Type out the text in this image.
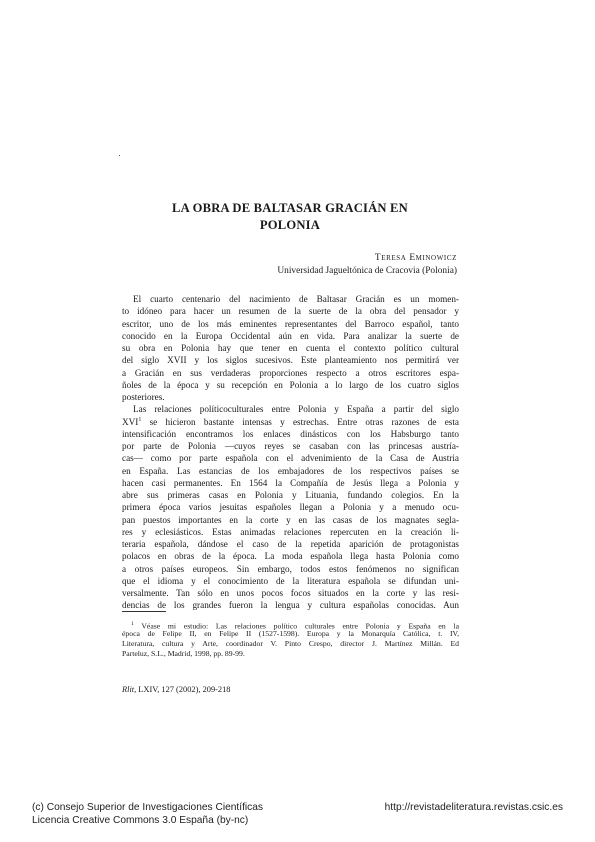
LA OBRA DE BALTASAR GRACIÁN EN
POLONIA
Teresa Eminowicz
Universidad Jagueltónica de Cracovia (Polonia)
El cuarto centenario del nacimiento de Baltasar Gracián es un momen-
to idóneo para hacer un resumen de la suerte de la obra del pensador y
escritor, uno de los más eminentes representantes del Barroco español, tanto
conocido en la Europa Occidental aún en vida. Para analizar la suerte de
su obra en Polonia hay que tener en cuenta el contexto político cultural
del siglo XVII y los siglos sucesivos. Este planteamiento nos permitirá ver
a Gracián en sus verdaderas proporciones respecto a otros escritores espa-
ñoles de la época y su recepción en Polonia a lo largo de los cuatro siglos
posteriores.
Las relaciones políticoculturales entre Polonia y España a partir del siglo
XVI$^1$ se hicieron bastante intensas y estrechas. Entre otras razones de esta
intensificación encontramos los enlaces dinásticos con los Habsburgo tanto
por parte de Polonia —cuyos reyes se casaban con las princesas austría-
cas— como por parte española con el advenimiento de la Casa de Austria
en España. Las estancias de los embajadores de los respectivos países se
hacen casi permanentes. En 1564 la Compañía de Jesús llega a Polonia y
abre sus primeras casas en Polonia y Lituania, fundando colegios. En la
primera época varios jesuitas españoles llegan a Polonia y a menudo ocu-
pan puestos importantes en la corte y en las casas de los magnates segla-
res y eclesiásticos. Estas animadas relaciones repercuten en la creación li-
teraria española, dándose el caso de la repetida aparición de protagonistas
polacos en obras de la época. La moda española llega hasta Polonia como
a otros países europeos. Sin embargo, todos estos fenómenos no significan
que el idioma y el conocimiento de la literatura española se difundan uni-
versalmente. Tan sólo en unos pocos focos situados en la corte y las resi-
dencias de los grandes fueron la lengua y cultura españolas conocidas. Aun
$^1$ Véase mi estudio: Las relaciones político culturales entre Polonia y España en la
época de Felipe II, en Felipe II (1527-1598). Europa y la Monarquía Católica, t. IV,
Literatura, cultura y Arte, coordinador V. Pinto Crespo, director J. Martínez Millán. Ed
Parteluz, S.L., Madrid, 1998, pp. 89-99.
Rlit, LXIV, 127 (2002), 209-218
(c) Consejo Superior de Investigaciones Científicas
Licencia Creative Commons 3.0 España (by-nc)
http://revistadeliteratura.revistas.csic.es
